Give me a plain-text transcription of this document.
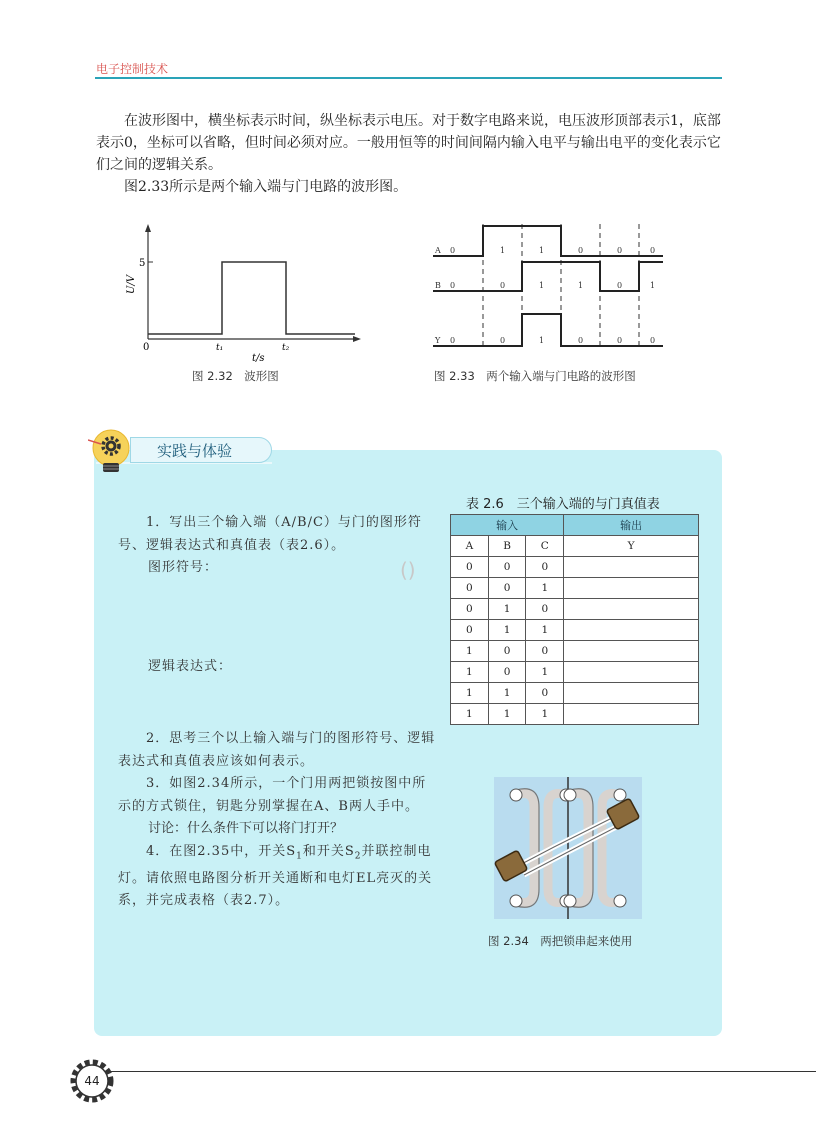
电子控制技术

在波形图中，横坐标表示时间，纵坐标表示电压。对于数字电路来说，电压波形顶部表示1，底部表示0，坐标可以省略，但时间必须对应。一般用恒等的时间间隔内输入电平与输出电平的变化表示它们之间的逻辑关系。

图2.33所示是两个输入端与门电路的波形图。

5
0	t₁	t₂
t/s
U/V
图 2.32　波形图
A 0	1	1	0	0	0
B 0	0	1	1	0	1
Y 0	0	1	0	0	0
图 2.33　两个输入端与门电路的波形图
实践与体验

1．写出三个输入端（A/B/C）与门的图形符号、逻辑表达式和真值表（表2.6）。

图形符号：	()
逻辑表达式：

2．思考三个以上输入端与门的图形符号、逻辑表达式和真值表应该如何表示。

3．如图2.34所示，一个门用两把锁按图中所示的方式锁住，钥匙分别掌握在A、B两人手中。

讨论：什么条件下可以将门打开？

4．在图2.35中，开关$S_1$和开关$S_2$并联控制电灯。请依照电路图分析开关通断和电灯EL亮灭的关系，并完成表格（表2.7）。

表 2.6　三个输入端的与门真值表
输入			输出
A	B	C	Y
0	0	0	
0	0	1	
0	1	0	
0	1	1	
1	0	0	
1	0	1	
1	1	0	
1	1	1	
图 2.34　两把锁串起来使用
44
